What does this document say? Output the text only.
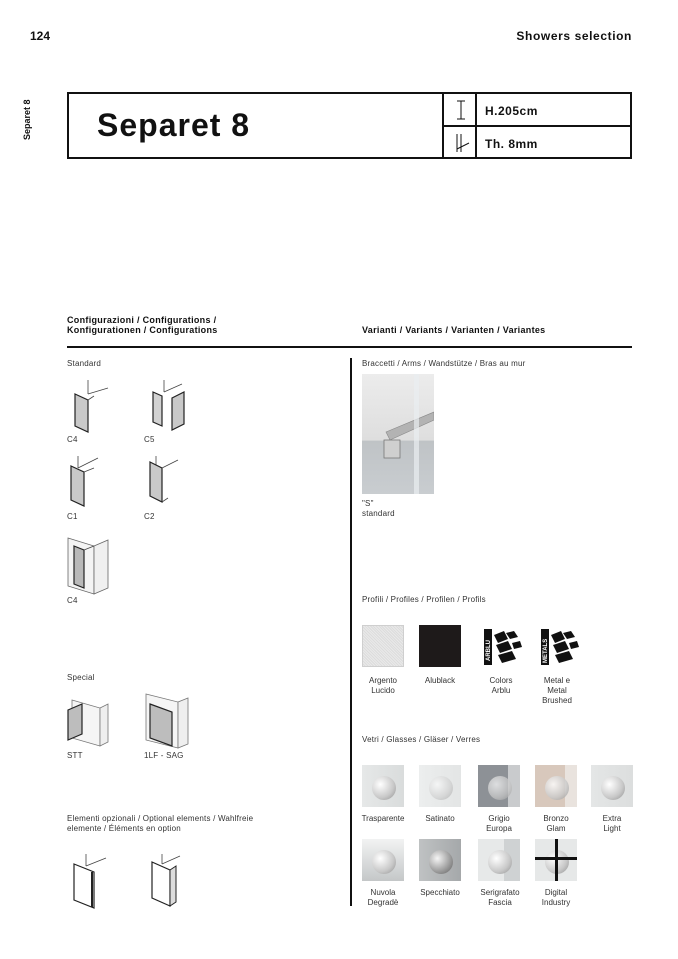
124	Showers selection
Separet 8 Separet 8	H.205cm
Th. 8mm
Configurazioni / Configurations /
Konfigurationen / Configurations	Varianti / Variants / Varianten / Variantes
Standard
C4	C5
C1	C2
C4
Special
STT	1LF - SAG
Elementi opzionali / Optional elements / Wahlfreie
elemente / Éléments en option
Braccetti / Arms / Wandstütze / Bras au mur
"S"
standard
Profili / Profiles / Profilen / Profils
ARBLU	METALS
Argento
Lucido
Alublack	Colors
Arblu
Metal e
Metal
Brushed
Vetri / Glasses / Gläser / Verres
Trasparente	Satinato	Grigio
Europa
Bronzo
Glam
Extra
Light
Nuvola
Degradè
Specchiato	Serigrafato
Fascia
Digital
Industry
